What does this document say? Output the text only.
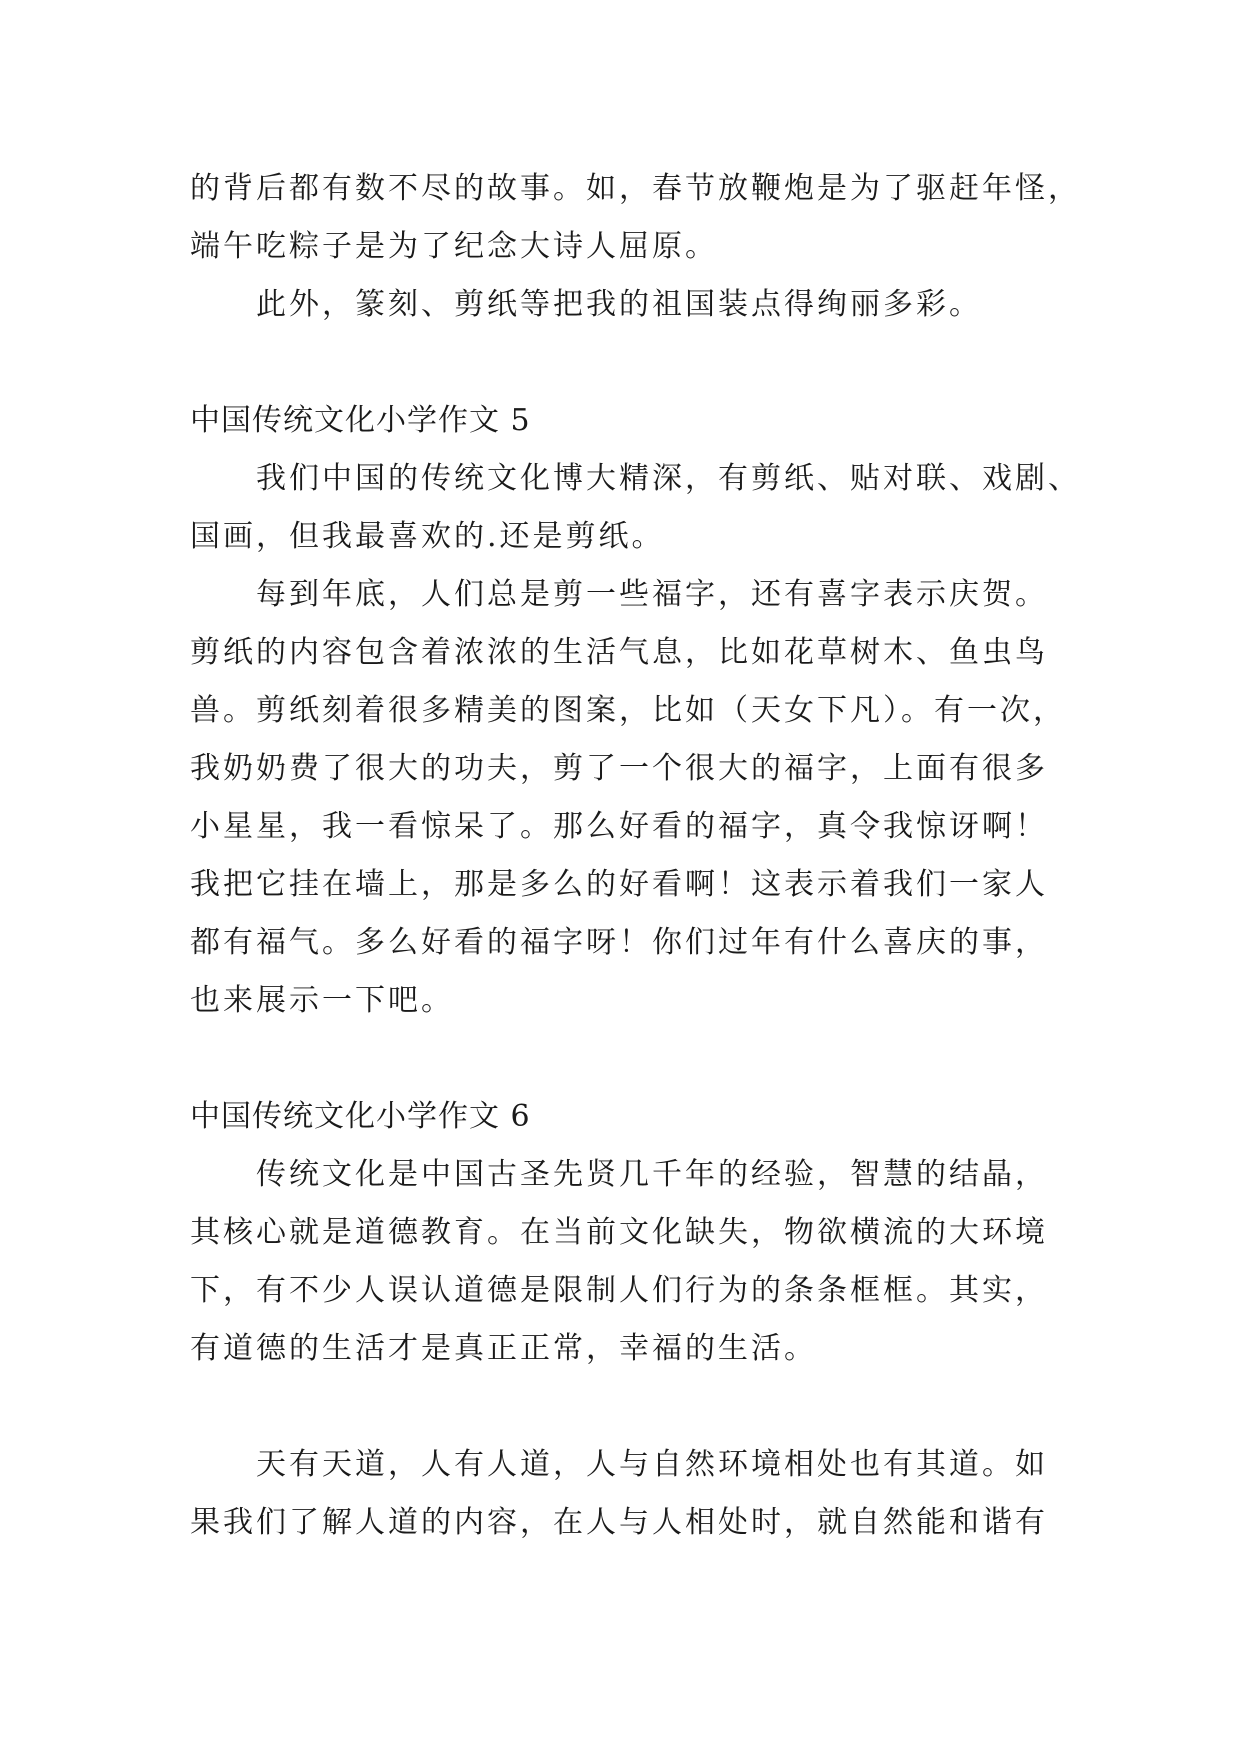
的背后都有数不尽的故事。如，春节放鞭炮是为了驱赶年怪，
端午吃粽子是为了纪念大诗人屈原。
此外，篆刻、剪纸等把我的祖国装点得绚丽多彩。
中国传统文化小学作文 5
我们中国的传统文化博大精深，有剪纸、贴对联、戏剧、
国画，但我最喜欢的.还是剪纸。
每到年底，人们总是剪一些福字，还有喜字表示庆贺。
剪纸的内容包含着浓浓的生活气息，比如花草树木、鱼虫鸟
兽。剪纸刻着很多精美的图案，比如（天女下凡）。有一次，
我奶奶费了很大的功夫，剪了一个很大的福字，上面有很多
小星星，我一看惊呆了。那么好看的福字，真令我惊讶啊！
我把它挂在墙上，那是多么的好看啊！这表示着我们一家人
都有福气。多么好看的福字呀！你们过年有什么喜庆的事，
也来展示一下吧。
中国传统文化小学作文 6
传统文化是中国古圣先贤几千年的经验，智慧的结晶，
其核心就是道德教育。在当前文化缺失，物欲横流的大环境
下，有不少人误认道德是限制人们行为的条条框框。其实，
有道德的生活才是真正正常，幸福的生活。
天有天道，人有人道，人与自然环境相处也有其道。如
果我们了解人道的内容，在人与人相处时，就自然能和谐有
